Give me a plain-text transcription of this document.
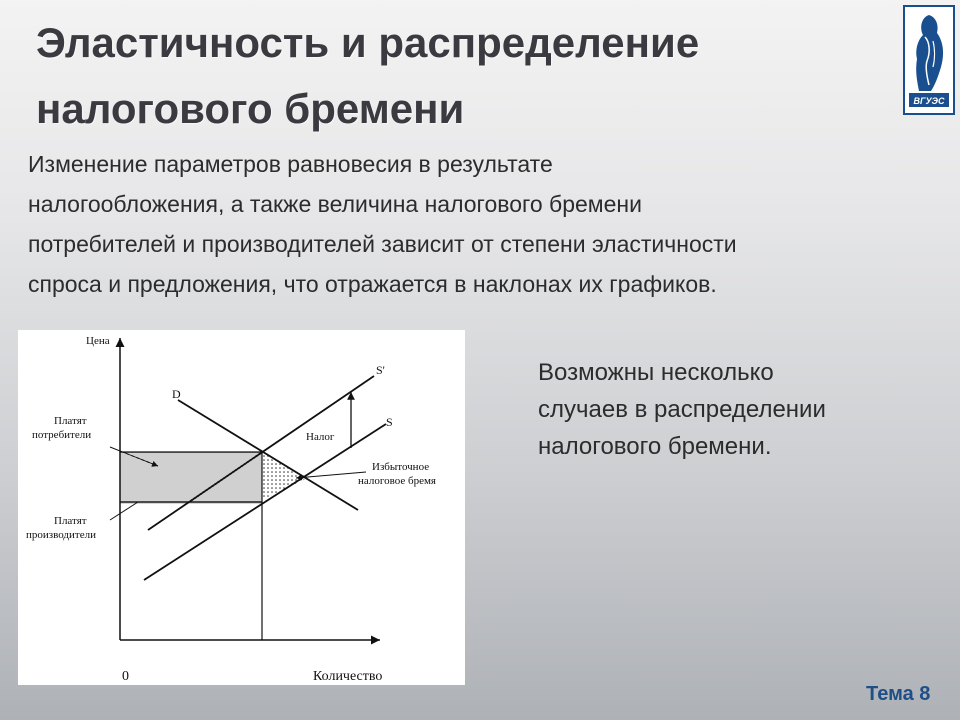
Эластичность и распределение
налогового бремени	ВГУЭС
Изменение параметров равновесия в результате
налогообложения, а также величина налогового бремени
потребителей и производителей зависит от степени эластичности
спроса и предложения, что отражается в наклонах их графиков.
Цена
Количество
0
D
S
S'
Налог
Избыточное
налоговое бремя
Платят
потребители
Платят
производители
Возможны несколько
случаев в распределении
налогового бремени.
Тема 8
